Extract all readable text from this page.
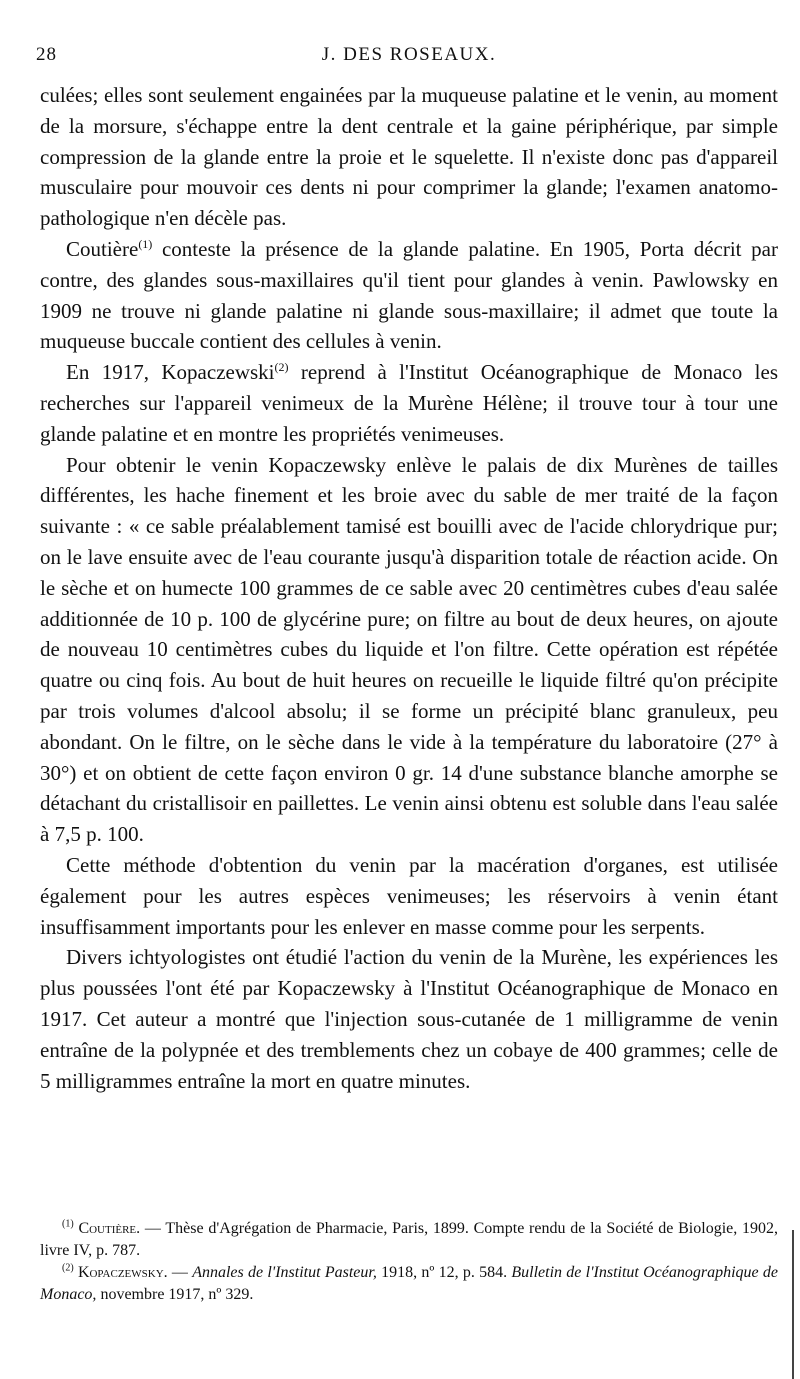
28	J. DES ROSEAUX.

culées; elles sont seulement engainées par la muqueuse palatine et le venin, au moment de la morsure, s'échappe entre la dent centrale et la gaine périphérique, par simple compression de la glande entre la proie et le squelette. Il n'existe donc pas d'appareil musculaire pour mouvoir ces dents ni pour comprimer la glande; l'examen anatomo-pathologique n'en décèle pas.

Coutière$^{(1)}$ conteste la présence de la glande palatine. En 1905, Porta décrit par contre, des glandes sous-maxillaires qu'il tient pour glandes à venin. Pawlowsky en 1909 ne trouve ni glande palatine ni glande sous-maxillaire; il admet que toute la muqueuse buccale contient des cellules à venin.

En 1917, Kopaczewski$^{(2)}$ reprend à l'Institut Océanographique de Monaco les recherches sur l'appareil venimeux de la Murène Hélène; il trouve tour à tour une glande palatine et en montre les propriétés venimeuses.

Pour obtenir le venin Kopaczewsky enlève le palais de dix Murènes de tailles différentes, les hache finement et les broie avec du sable de mer traité de la façon suivante : « ce sable préalablement tamisé est bouilli avec de l'acide chlorydrique pur; on le lave ensuite avec de l'eau courante jusqu'à disparition totale de réaction acide. On le sèche et on humecte 100 grammes de ce sable avec 20 centimètres cubes d'eau salée additionnée de 10 p. 100 de glycérine pure; on filtre au bout de deux heures, on ajoute de nouveau 10 centimètres cubes du liquide et l'on filtre. Cette opération est répétée quatre ou cinq fois. Au bout de huit heures on recueille le liquide filtré qu'on précipite par trois volumes d'alcool absolu; il se forme un précipité blanc granuleux, peu abondant. On le filtre, on le sèche dans le vide à la température du laboratoire (27° à 30°) et on obtient de cette façon environ 0 gr. 14 d'une substance blanche amorphe se détachant du cristallisoir en paillettes. Le venin ainsi obtenu est soluble dans l'eau salée à 7,5 p. 100.

Cette méthode d'obtention du venin par la macération d'organes, est utilisée également pour les autres espèces venimeuses; les réservoirs à venin étant insuffisamment importants pour les enlever en masse comme pour les serpents.

Divers ichtyologistes ont étudié l'action du venin de la Murène, les expériences les plus poussées l'ont été par Kopaczewsky à l'Institut Océanographique de Monaco en 1917. Cet auteur a montré que l'injection sous-cutanée de 1 milligramme de venin entraîne de la polypnée et des tremblements chez un cobaye de 400 grammes; celle de 5 milligrammes entraîne la mort en quatre minutes.

$^{(1)}$ Coutière. — Thèse d'Agrégation de Pharmacie, Paris, 1899. Compte rendu de la Société de Biologie, 1902, livre IV, p. 787.

$^{(2)}$ Kopaczewsky. — Annales de l'Institut Pasteur, 1918, nº 12, p. 584. Bulletin de l'Institut Océanographique de Monaco, novembre 1917, nº 329.
